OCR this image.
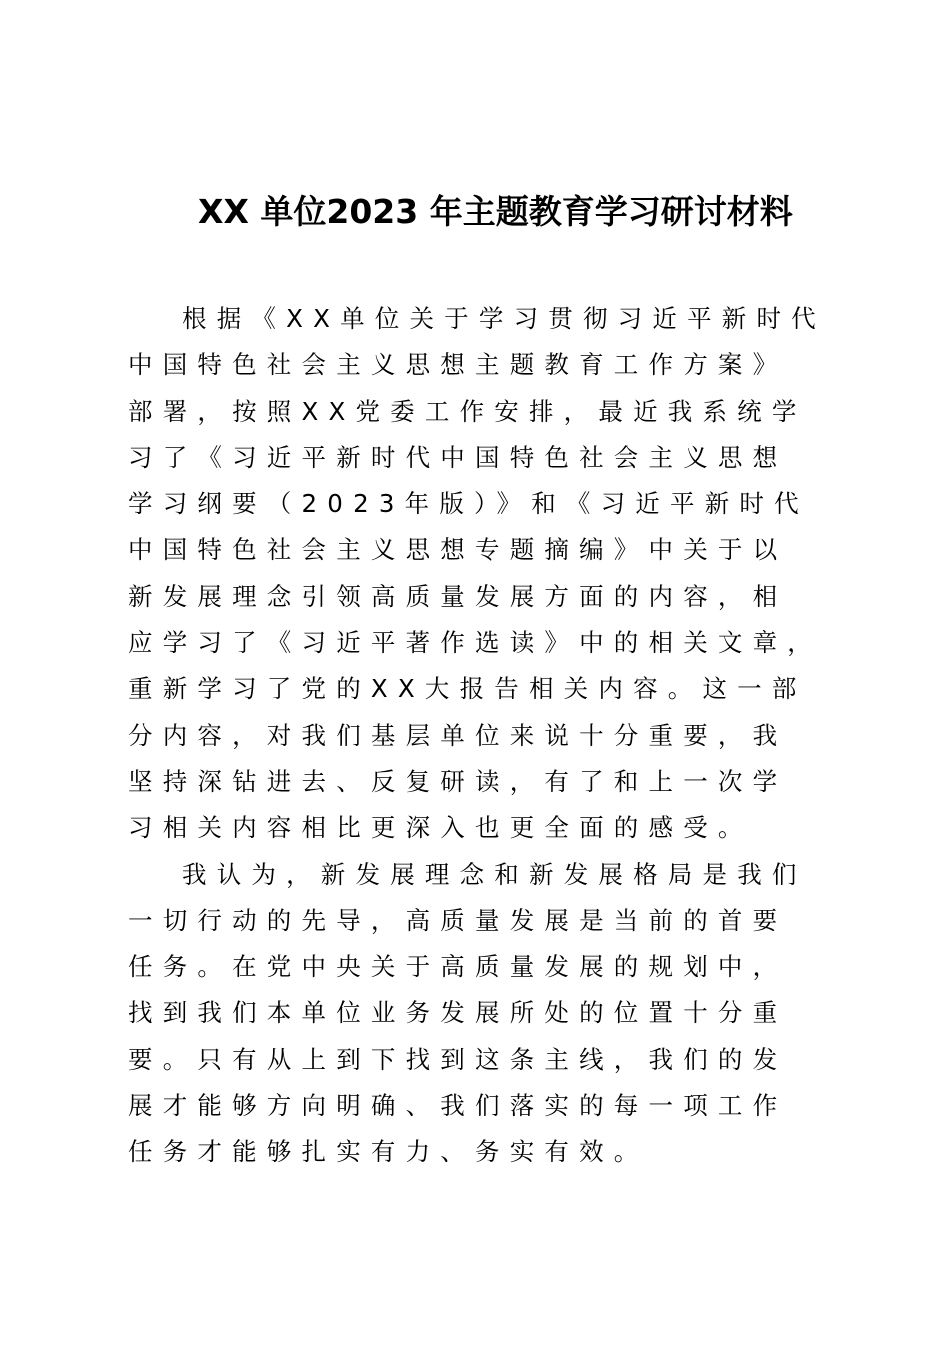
XX 单位2023 年主题教育学习研讨材料
根据《XX单位关于学习贯彻习近平新时代
中国特色社会主义思想主题教育工作方案》
部署，按照XX党委工作安排，最近我系统学
习了《习近平新时代中国特色社会主义思想
学习纲要（2023年版）》和《习近平新时代
中国特色社会主义思想专题摘编》中关于以
新发展理念引领高质量发展方面的内容，相
应学习了《习近平著作选读》中的相关文章，
重新学习了党的XX大报告相关内容。这一部
分内容，对我们基层单位来说十分重要，我
坚持深钻进去、反复研读，有了和上一次学
习相关内容相比更深入也更全面的感受。
我认为，新发展理念和新发展格局是我们
一切行动的先导，高质量发展是当前的首要
任务。在党中央关于高质量发展的规划中，
找到我们本单位业务发展所处的位置十分重
要。只有从上到下找到这条主线，我们的发
展才能够方向明确、我们落实的每一项工作
任务才能够扎实有力、务实有效。
